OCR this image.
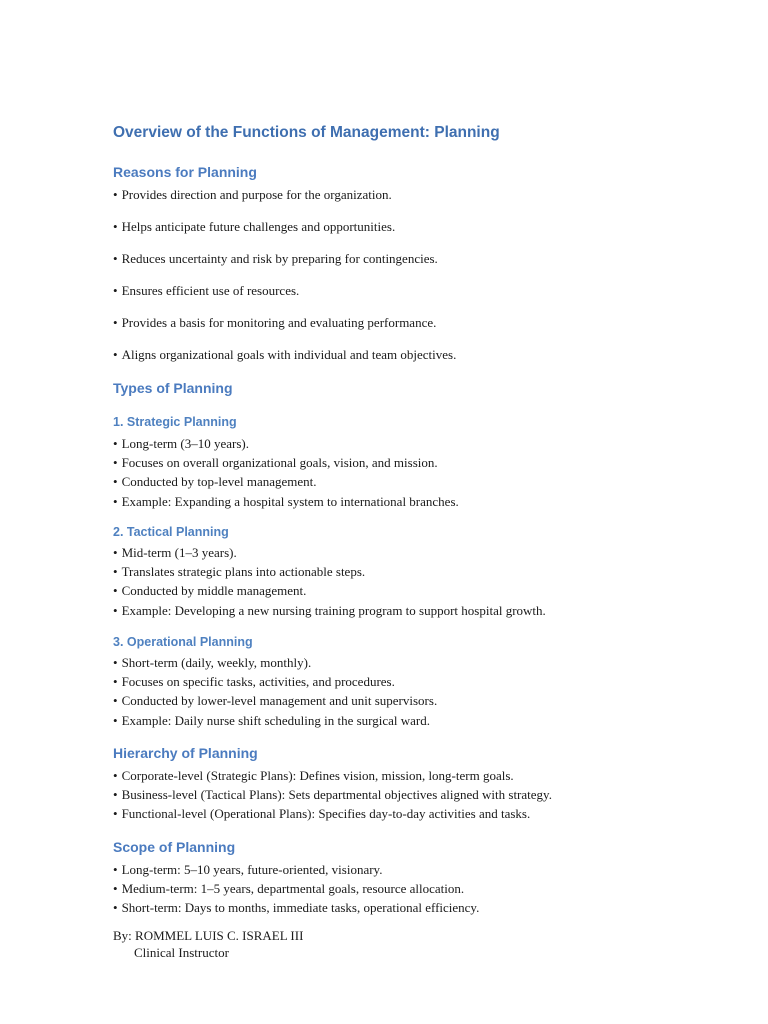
Overview of the Functions of Management: Planning
Reasons for Planning
• Provides direction and purpose for the organization.
• Helps anticipate future challenges and opportunities.
• Reduces uncertainty and risk by preparing for contingencies.
• Ensures efficient use of resources.
• Provides a basis for monitoring and evaluating performance.
• Aligns organizational goals with individual and team objectives.
Types of Planning
1. Strategic Planning
• Long-term (3–10 years).
• Focuses on overall organizational goals, vision, and mission.
• Conducted by top-level management.
• Example: Expanding a hospital system to international branches.
2. Tactical Planning
• Mid-term (1–3 years).
• Translates strategic plans into actionable steps.
• Conducted by middle management.
• Example: Developing a new nursing training program to support hospital growth.
3. Operational Planning
• Short-term (daily, weekly, monthly).
• Focuses on specific tasks, activities, and procedures.
• Conducted by lower-level management and unit supervisors.
• Example: Daily nurse shift scheduling in the surgical ward.
Hierarchy of Planning
• Corporate-level (Strategic Plans): Defines vision, mission, long-term goals.
• Business-level (Tactical Plans): Sets departmental objectives aligned with strategy.
• Functional-level (Operational Plans): Specifies day-to-day activities and tasks.
Scope of Planning
• Long-term: 5–10 years, future-oriented, visionary.
• Medium-term: 1–5 years, departmental goals, resource allocation.
• Short-term: Days to months, immediate tasks, operational efficiency.
By: ROMMEL LUIS C. ISRAEL III
Clinical Instructor
